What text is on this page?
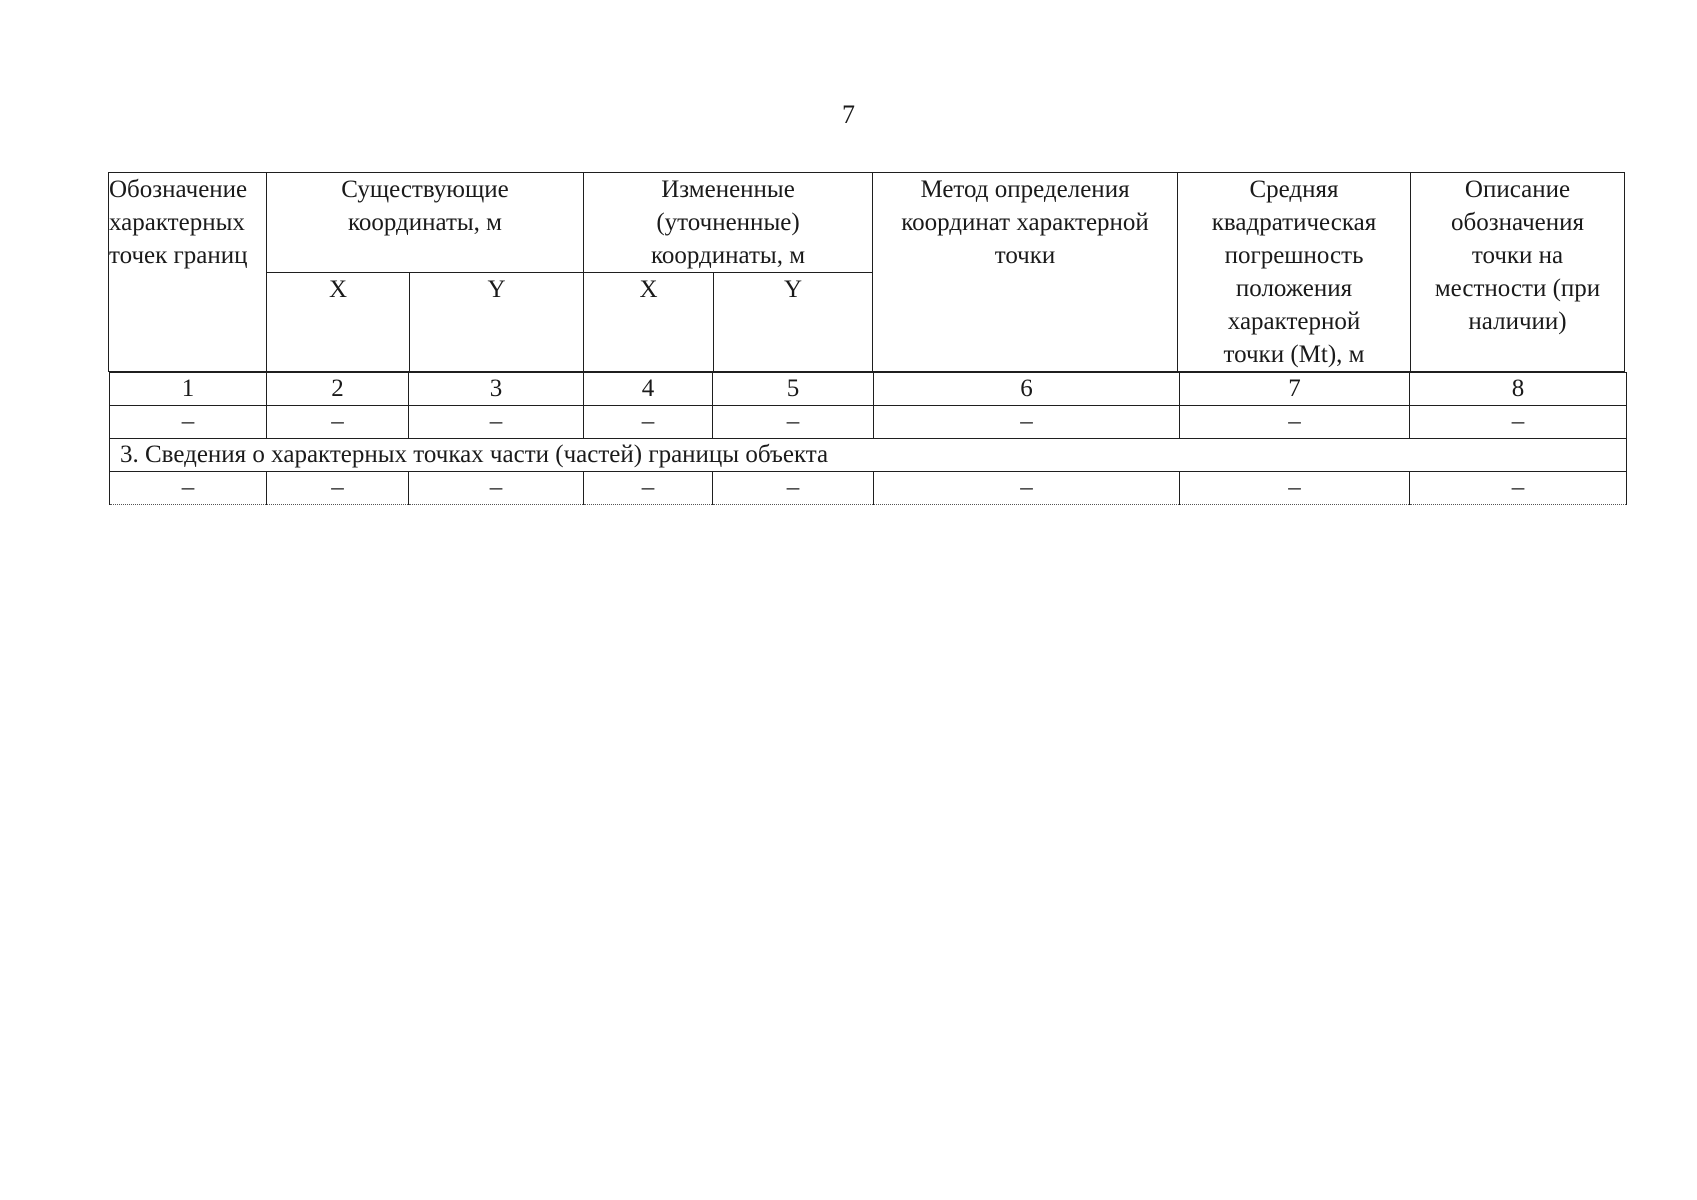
7
Обозначение характерных точек границ	Существующие координаты, м		Измененные (уточненные) координаты, м		Метод определения координат характерной точки	Средняя квадратическая погрешность положения характерной точки (Mt), м	Описание обозначения точки на местности (при наличии)

	X	Y	X	Y			
1	2	3	4	5	6	7	8
–	–	–	–	–	–	–	–
3. Сведения о характерных точках части (частей) границы объекта							
–	–	–	–	–	–	–	–
